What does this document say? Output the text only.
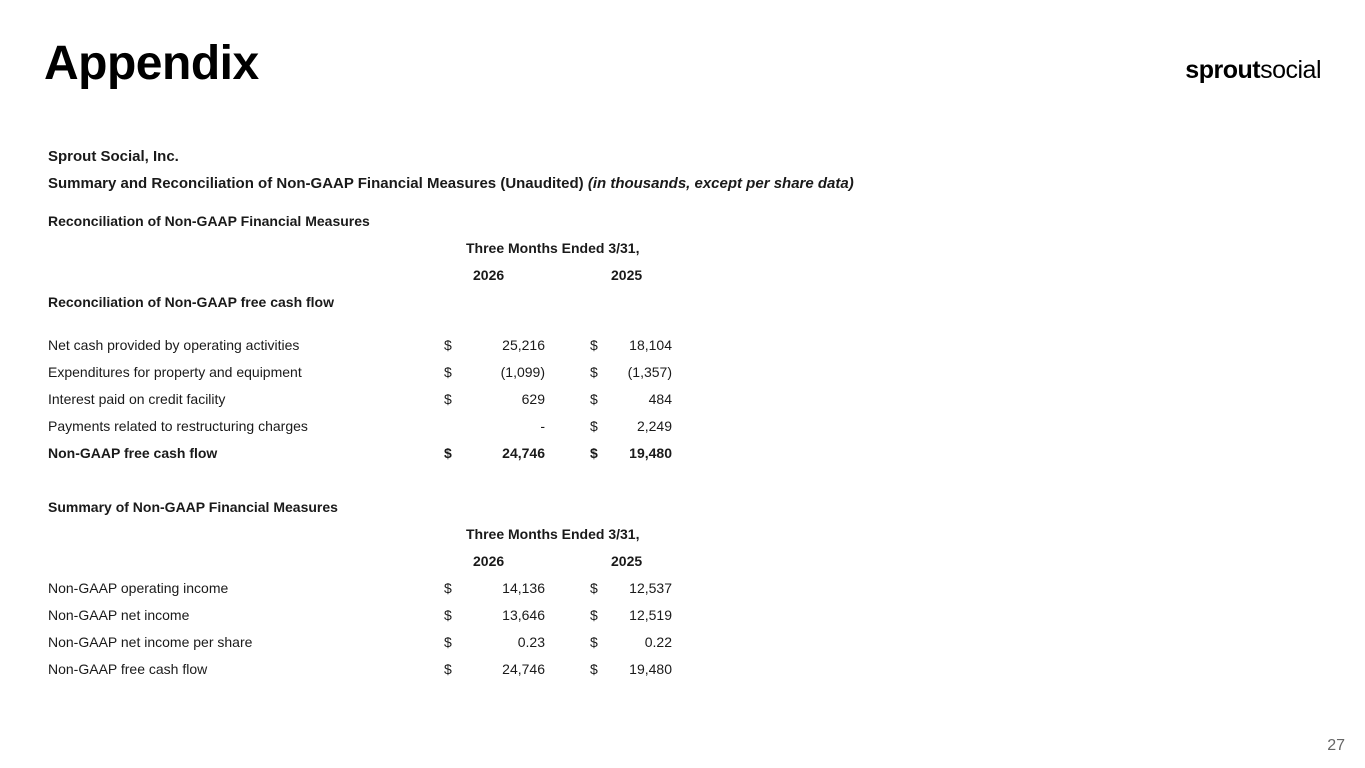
Appendix	sproutsocial
Sprout Social, Inc.
Summary and Reconciliation of Non-GAAP Financial Measures (Unaudited) (in thousands, except per share data)
Reconciliation of Non-GAAP Financial Measures
Three Months Ended 3/31,
2026	2025
Reconciliation of Non-GAAP free cash flow
Net cash provided by operating activities	$	25,216	$ 18,104
Expenditures for property and equipment	$	(1,099)	$ (1,357)
Interest paid on credit facility	$	629	$	484
Payments related to restructuring charges	-	$	2,249
Non-GAAP free cash flow	$	24,746	$ 19,480
Summary of Non-GAAP Financial Measures
Three Months Ended 3/31,
2026	2025
Non-GAAP operating income	$	14,136	$ 12,537
Non-GAAP net income	$	13,646	$ 12,519
Non-GAAP net income per share	$	0.23	$	0.22
Non-GAAP free cash flow	$	24,746	$ 19,480
27
